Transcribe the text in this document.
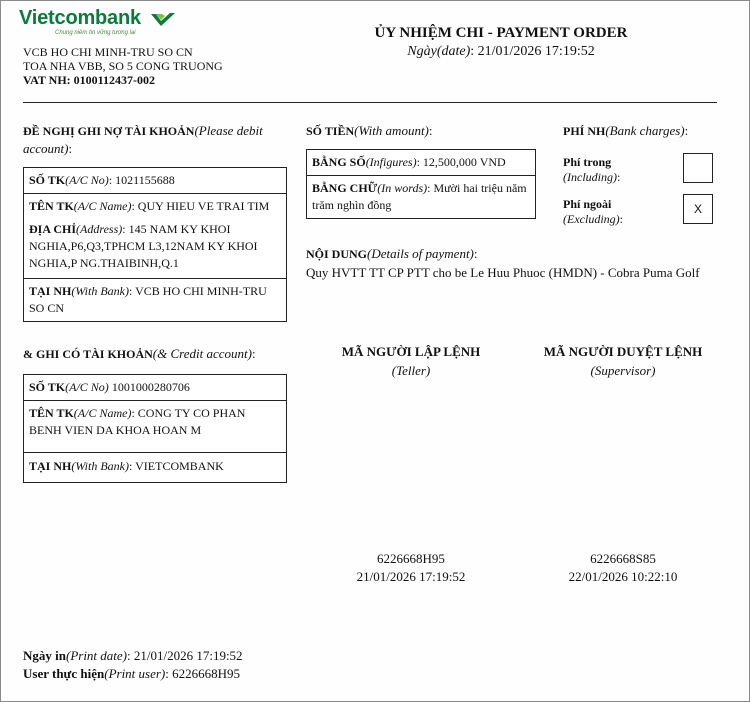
Vietcombank
Chung niềm tin vững tương lai
VCB HO CHI MINH-TRU SO CN
TOA NHA VBB, SO 5 CONG TRUONG
VAT NH: 0100112437-002
ỦY NHIỆM CHI - PAYMENT ORDER
Ngày(date): 21/01/2026 17:19:52
ĐỀ NGHỊ GHI NỢ TÀI KHOẢN(Please debit account):
SỐ TK(A/C No): 1021155688
TÊN TK(A/C Name): QUY HIEU VE TRAI TIM
ĐỊA CHỈ(Address): 145 NAM KY KHOI NGHIA,P6,Q3,TPHCM L3,12NAM KY KHOI NGHIA,P NG.THAIBINH,Q.1
TẠI NH(With Bank): VCB HO CHI MINH-TRU SO CN
SỐ TIỀN(With amount):
BẰNG SỐ(Infigures): 12,500,000 VND
BẰNG CHỮ(In words): Mười hai triệu năm trăm nghìn đồng
PHÍ NH(Bank charges):
Phí trong
(Including):
Phí ngoài
(Excluding):
X
NỘI DUNG(Details of payment):
Quy HVTT TT CP PTT cho be Le Huu Phuoc (HMDN) - Cobra Puma Golf
& GHI CÓ TÀI KHOẢN(& Credit account):
SỐ TK(A/C No) 1001000280706
TÊN TK(A/C Name): CONG TY CO PHAN BENH VIEN DA KHOA HOAN M
TẠI NH(With Bank): VIETCOMBANK
MÃ NGƯỜI LẬP LỆNH
(Teller)
MÃ NGƯỜI DUYỆT LỆNH
(Supervisor)
6226668H95
21/01/2026 17:19:52
6226668S85
22/01/2026 10:22:10
Ngày in(Print date): 21/01/2026 17:19:52
User thực hiện(Print user): 6226668H95
